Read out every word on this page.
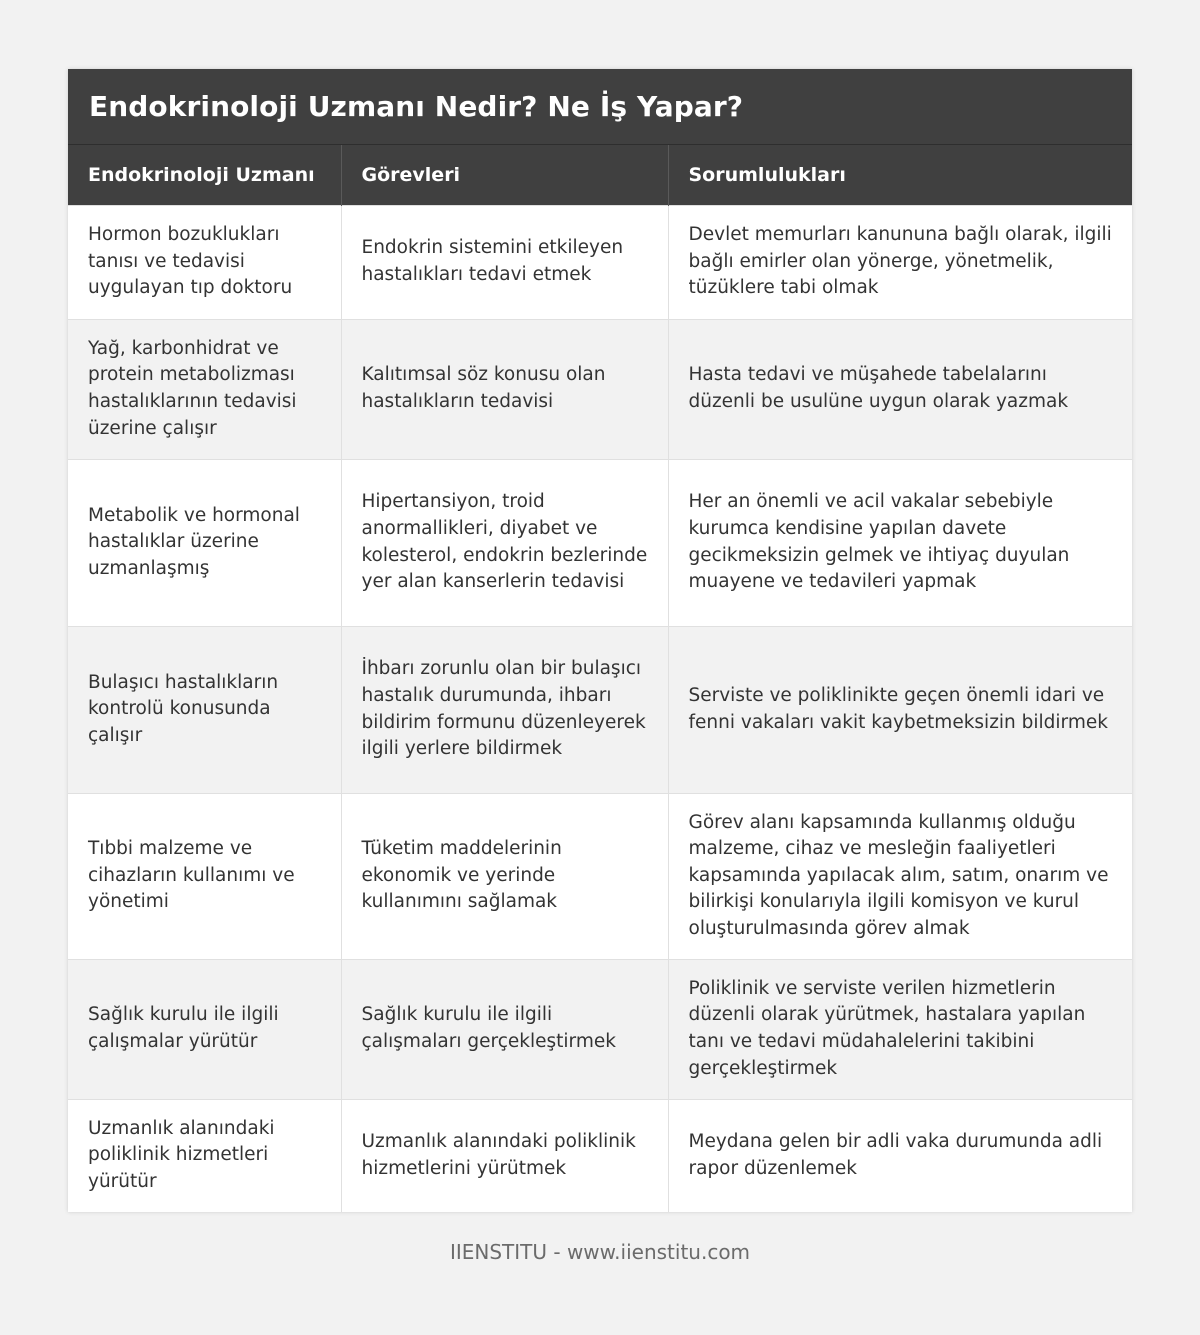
Endokrinoloji Uzmanı Nedir? Ne İş Yapar?
Endokrinoloji Uzmanı	Görevleri	Sorumlulukları
Hormon bozuklukları tanısı ve tedavisi uygulayan tıp doktoru	Endokrin sistemini etkileyen hastalıkları tedavi etmek	Devlet memurları kanununa bağlı olarak, ilgili bağlı emirler olan yönerge, yönetmelik, tüzüklere tabi olmak
Yağ, karbonhidrat ve protein metabolizması hastalıklarının tedavisi üzerine çalışır	Kalıtımsal söz konusu olan hastalıkların tedavisi	Hasta tedavi ve müşahede tabelalarını düzenli be usulüne uygun olarak yazmak
Metabolik ve hormonal hastalıklar üzerine uzmanlaşmış	Hipertansiyon, troid anormallikleri, diyabet ve kolesterol, endokrin bezlerinde yer alan kanserlerin tedavisi	Her an önemli ve acil vakalar sebebiyle kurumca kendisine yapılan davete gecikmeksizin gelmek ve ihtiyaç duyulan muayene ve tedavileri yapmak
Bulaşıcı hastalıkların kontrolü konusunda çalışır	İhbarı zorunlu olan bir bulaşıcı hastalık durumunda, ihbarı bildirim formunu düzenleyerek ilgili yerlere bildirmek	Serviste ve poliklinikte geçen önemli idari ve fenni vakaları vakit kaybetmeksizin bildirmek
Tıbbi malzeme ve cihazların kullanımı ve yönetimi	Tüketim maddelerinin ekonomik ve yerinde kullanımını sağlamak	Görev alanı kapsamında kullanmış olduğu malzeme, cihaz ve mesleğin faaliyetleri kapsamında yapılacak alım, satım, onarım ve bilirkişi konularıyla ilgili komisyon ve kurul oluşturulmasında görev almak
Sağlık kurulu ile ilgili çalışmalar yürütür	Sağlık kurulu ile ilgili çalışmaları gerçekleştirmek	Poliklinik ve serviste verilen hizmetlerin düzenli olarak yürütmek, hastalara yapılan tanı ve tedavi müdahalelerini takibini gerçekleştirmek
Uzmanlık alanındaki poliklinik hizmetleri yürütür	Uzmanlık alanındaki poliklinik hizmetlerini yürütmek	Meydana gelen bir adli vaka durumunda adli rapor düzenlemek
IIENSTITU - www.iienstitu.com
